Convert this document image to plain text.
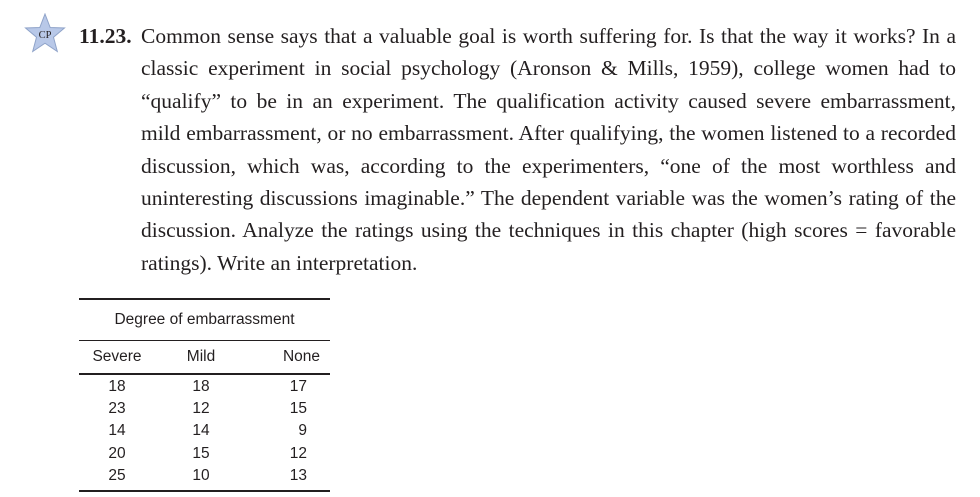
CP 11.23. Common sense says that a valuable goal is worth suffering for. Is that the way it works? In a classic experiment in social psychology (Aronson & Mills, 1959), college women had to “qualify” to be in an experiment. The qualification activity caused severe embarrassment, mild embarrassment, or no embarrassment. After qualifying, the women listened to a recorded discussion, which was, according to the experimenters, “one of the most worthless and uninteresting discussions imaginable.” The dependent variable was the women’s rating of the discussion. Analyze the ratings using the techniques in this chapter (high scores = favorable ratings). Write an interpretation.

Degree of embarrassment
Severe	Mild	None
18	18	17
23	12	15
14	14	9
20	15	12
25	10	13
